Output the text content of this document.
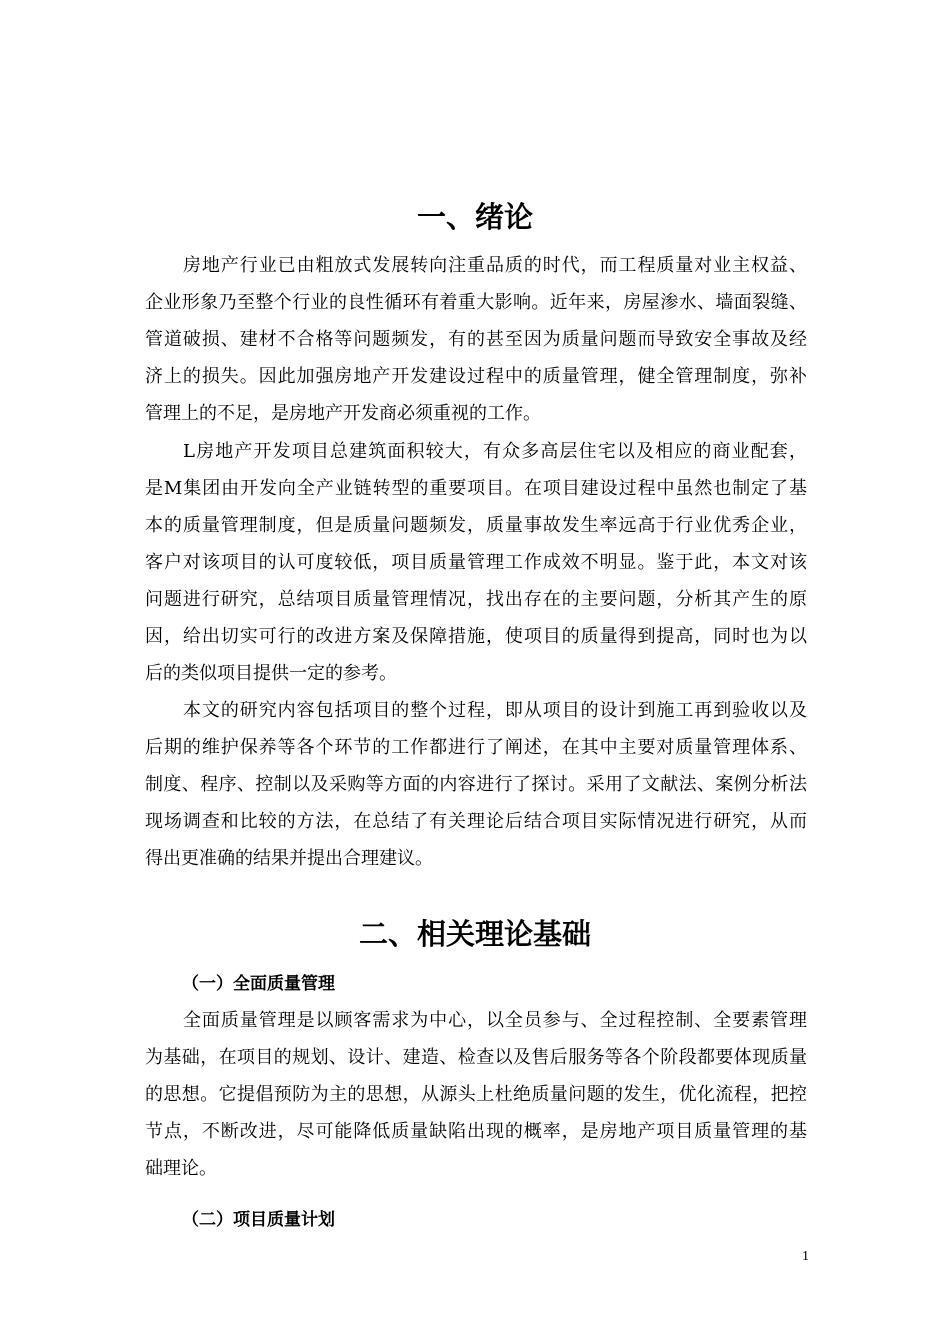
一、绪论
房地产行业已由粗放式发展转向注重品质的时代，而工程质量对业主权益、
企业形象乃至整个行业的良性循环有着重大影响。近年来，房屋渗水、墙面裂缝、
管道破损、建材不合格等问题频发，有的甚至因为质量问题而导致安全事故及经
济上的损失。因此加强房地产开发建设过程中的质量管理，健全管理制度，弥补
管理上的不足，是房地产开发商必须重视的工作。
L房地产开发项目总建筑面积较大，有众多高层住宅以及相应的商业配套，
是M集团由开发向全产业链转型的重要项目。在项目建设过程中虽然也制定了基
本的质量管理制度，但是质量问题频发，质量事故发生率远高于行业优秀企业，
客户对该项目的认可度较低，项目质量管理工作成效不明显。鉴于此，本文对该
问题进行研究，总结项目质量管理情况，找出存在的主要问题，分析其产生的原
因，给出切实可行的改进方案及保障措施，使项目的质量得到提高，同时也为以
后的类似项目提供一定的参考。
本文的研究内容包括项目的整个过程，即从项目的设计到施工再到验收以及
后期的维护保养等各个环节的工作都进行了阐述，在其中主要对质量管理体系、
制度、程序、控制以及采购等方面的内容进行了探讨。采用了文献法、案例分析法
现场调查和比较的方法，在总结了有关理论后结合项目实际情况进行研究，从而
得出更准确的结果并提出合理建议。
二、相关理论基础
（一）全面质量管理
全面质量管理是以顾客需求为中心，以全员参与、全过程控制、全要素管理
为基础，在项目的规划、设计、建造、检查以及售后服务等各个阶段都要体现质量
的思想。它提倡预防为主的思想，从源头上杜绝质量问题的发生，优化流程，把控
节点，不断改进，尽可能降低质量缺陷出现的概率，是房地产项目质量管理的基
础理论。
（二）项目质量计划
1
